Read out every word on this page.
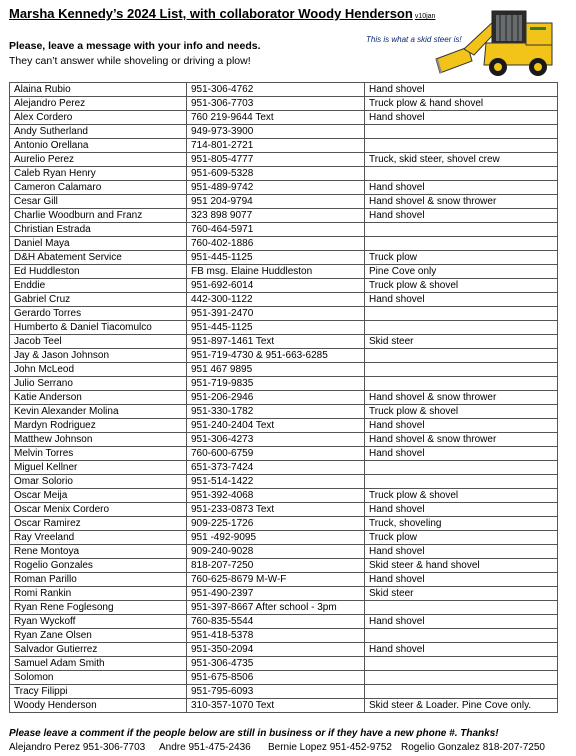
Marsha Kennedy’s 2024 List, with collaborator Woody Henderson v10jan
Please, leave a message with your info and needs.
They can’t answer while shoveling or driving a plow!
This is what a skid steer is!
Alaina Rubio	951-306-4762	Hand shovel
Alejandro Perez	951-306-7703	Truck plow & hand shovel
Alex Cordero	760 219-9644 Text	Hand shovel
Andy Sutherland	949-973-3900	
Antonio Orellana	714-801-2721	
Aurelio Perez	951-805-4777	Truck, skid steer, shovel crew
Caleb Ryan Henry	951-609-5328	
Cameron Calamaro	951-489-9742	Hand shovel
Cesar Gill	951 204-9794	Hand shovel & snow thrower
Charlie Woodburn and Franz	323 898 9077	Hand shovel
Christian Estrada	760-464-5971	
Daniel Maya	760-402-1886	
D&H Abatement Service	951-445-1125	Truck plow
Ed Huddleston	FB msg. Elaine Huddleston	Pine Cove only
Enddie	951-692-6014	Truck plow & shovel
Gabriel Cruz	442-300-1122	Hand shovel
Gerardo Torres	951-391-2470	
Humberto & Daniel Tiacomulco	951-445-1125	
Jacob Teel	951-897-1461 Text	Skid steer
Jay & Jason Johnson	951-719-4730 & 951-663-6285	
John McLeod	951 467 9895	
Julio Serrano	951-719-9835	
Katie Anderson	951-206-2946	Hand shovel & snow thrower
Kevin Alexander Molina	951-330-1782	Truck plow & shovel
Mardyn Rodriguez	951-240-2404 Text	Hand shovel
Matthew Johnson	951-306-4273	Hand shovel & snow thrower
Melvin Torres	760-600-6759	Hand shovel
Miguel Kellner	651-373-7424	
Omar Solorio	951-514-1422	
Oscar Meija	951-392-4068	Truck plow & shovel
Oscar Menix Cordero	951-233-0873 Text	Hand shovel
Oscar Ramirez	909-225-1726	Truck, shoveling
Ray Vreeland	951 -492-9095	Truck plow
Rene Montoya	909-240-9028	Hand shovel
Rogelio Gonzales	818-207-7250	Skid steer & hand shovel
Roman Parillo	760-625-8679 M-W-F	Hand shovel
Romi Rankin	951-490-2397	Skid steer
Ryan Rene Foglesong	951-397-8667 After school - 3pm	
Ryan Wyckoff	760-835-5544	Hand shovel
Ryan Zane Olsen	951-418-5378	
Salvador Gutierrez	951-350-2094	Hand shovel
Samuel Adam Smith	951-306-4735	
Solomon	951-675-8506	
Tracy Filippi	951-795-6093	
Woody Henderson	310-357-1070 Text	Skid steer & Loader. Pine Cove only.
Please leave a comment if the people below are still in business or if they have a new phone #. Thanks!
Alejandro Perez 951-306-7703 Andre 951-475-2436 Bernie Lopez 951-452-9752 Rogelio Gonzalez 818-207-7250
